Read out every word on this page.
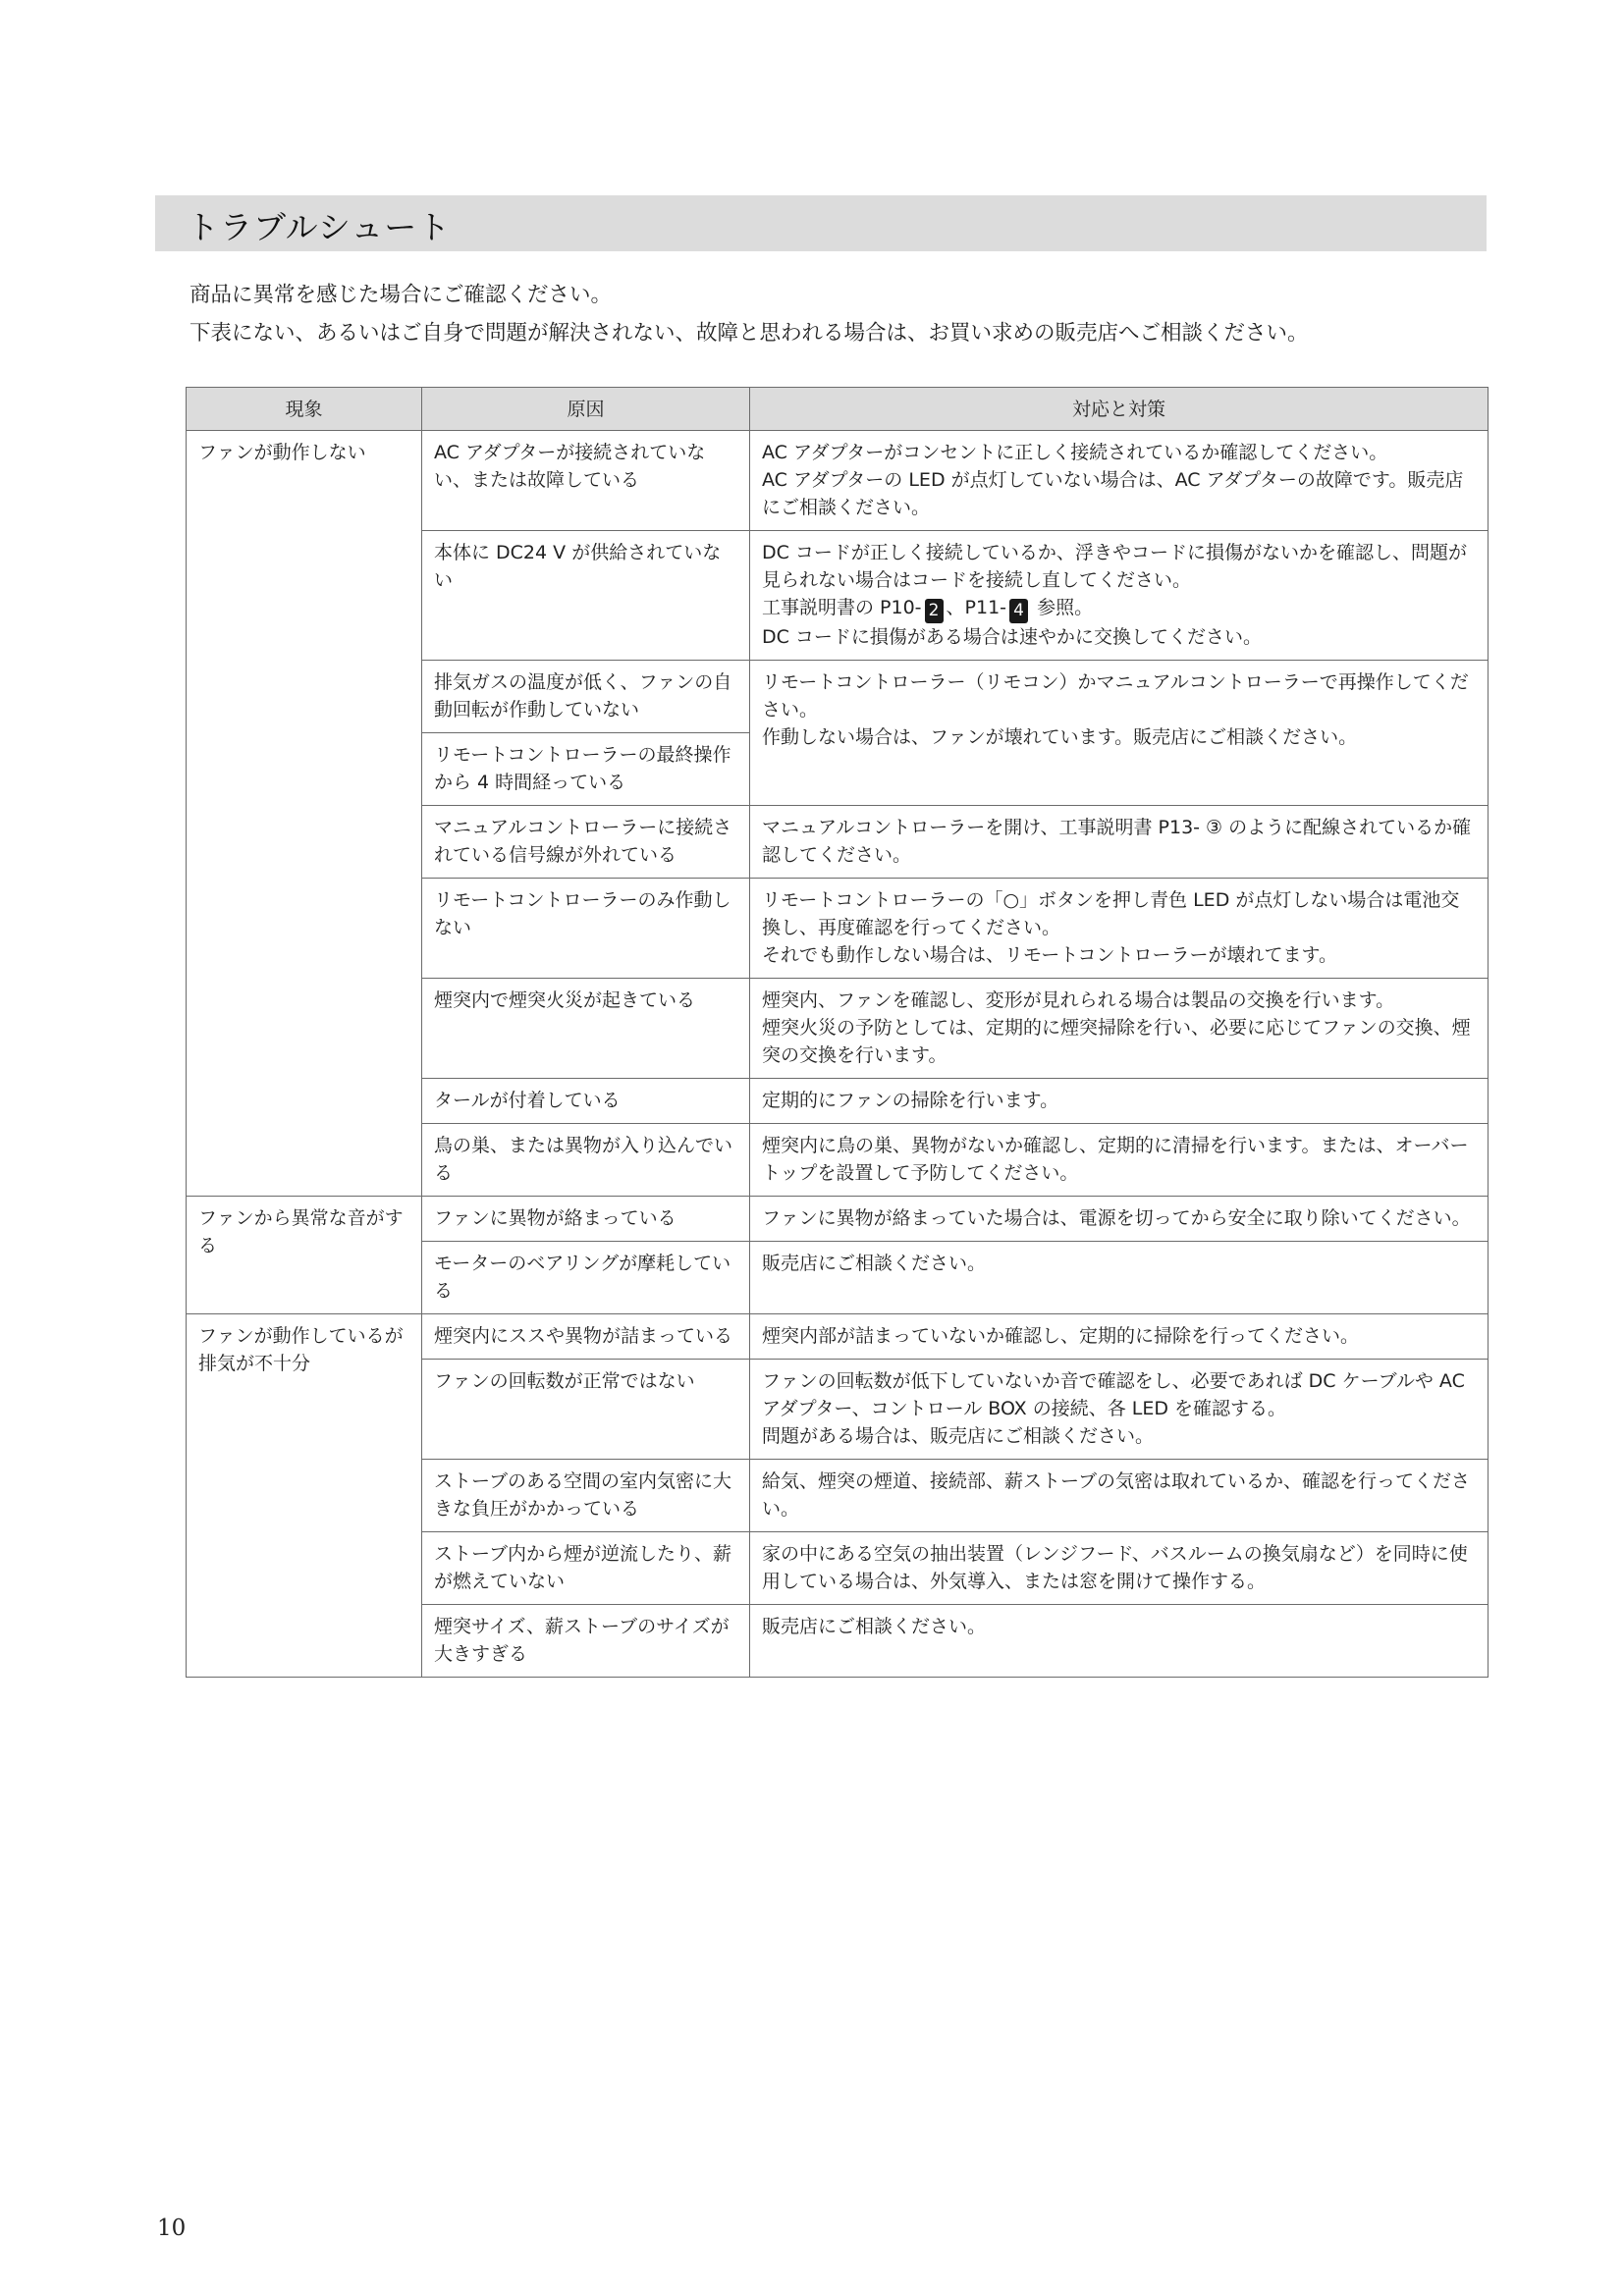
トラブルシュート
商品に異常を感じた場合にご確認ください。
下表にない、あるいはご自身で問題が解決されない、故障と思われる場合は、お買い求めの販売店へご相談ください。
現象	原因	対応と対策
ファンが動作しない	AC アダプターが接続されていない、または故障している	AC アダプターがコンセントに正しく接続されているか確認してください。
AC アダプターの LED が点灯していない場合は、AC アダプターの故障です。販売店にご相談ください。

	本体に DC24 V が供給されていない	DC コードが正しく接続しているか、浮きやコードに損傷がないかを確認し、問題が見られない場合はコードを接続し直してください。
工事説明書の P10- 2 、P11- 4 参照。
DC コードに損傷がある場合は速やかに交換してください。

	排気ガスの温度が低く、ファンの自動回転が作動していない	リモートコントローラー（リモコン）かマニュアルコントローラーで再操作してください。
作動しない場合は、ファンが壊れています。販売店にご相談ください。

	リモートコントローラーの最終操作から 4 時間経っている	
	マニュアルコントローラーに接続されている信号線が外れている	マニュアルコントローラーを開け、工事説明書 P13- ③ のように配線されているか確認してください。

	リモートコントローラーのみ作動しない	リモートコントローラーの「○」ボタンを押し青色 LED が点灯しない場合は電池交換し、再度確認を行ってください。
それでも動作しない場合は、リモートコントローラーが壊れてます。

	煙突内で煙突火災が起きている	煙突内、ファンを確認し、変形が見れられる場合は製品の交換を行います。
煙突火災の予防としては、定期的に煙突掃除を行い、必要に応じてファンの交換、煙突の交換を行います。

	タールが付着している	定期的にファンの掃除を行います。

	鳥の巣、または異物が入り込んでいる	煙突内に鳥の巣、異物がないか確認し、定期的に清掃を行います。または、オーバートップを設置して予防してください。

ファンから異常な音がする	ファンに異物が絡まっている	ファンに異物が絡まっていた場合は、電源を切ってから安全に取り除いてください。

	モーターのベアリングが摩耗している	販売店にご相談ください。

ファンが動作しているが排気が不十分	煙突内にススや異物が詰まっている	煙突内部が詰まっていないか確認し、定期的に掃除を行ってください。

	ファンの回転数が正常ではない	ファンの回転数が低下していないか音で確認をし、必要であれば DC ケーブルや AC アダプター、コントロール BOX の接続、各 LED を確認する。
問題がある場合は、販売店にご相談ください。

	ストーブのある空間の室内気密に大きな負圧がかかっている	給気、煙突の煙道、接続部、薪ストーブの気密は取れているか、確認を行ってください。

	ストーブ内から煙が逆流したり、薪が燃えていない	家の中にある空気の抽出装置（レンジフード、バスルームの換気扇など）を同時に使用している場合は、外気導入、または窓を開けて操作する。

	煙突サイズ、薪ストーブのサイズが大きすぎる	販売店にご相談ください。
10
